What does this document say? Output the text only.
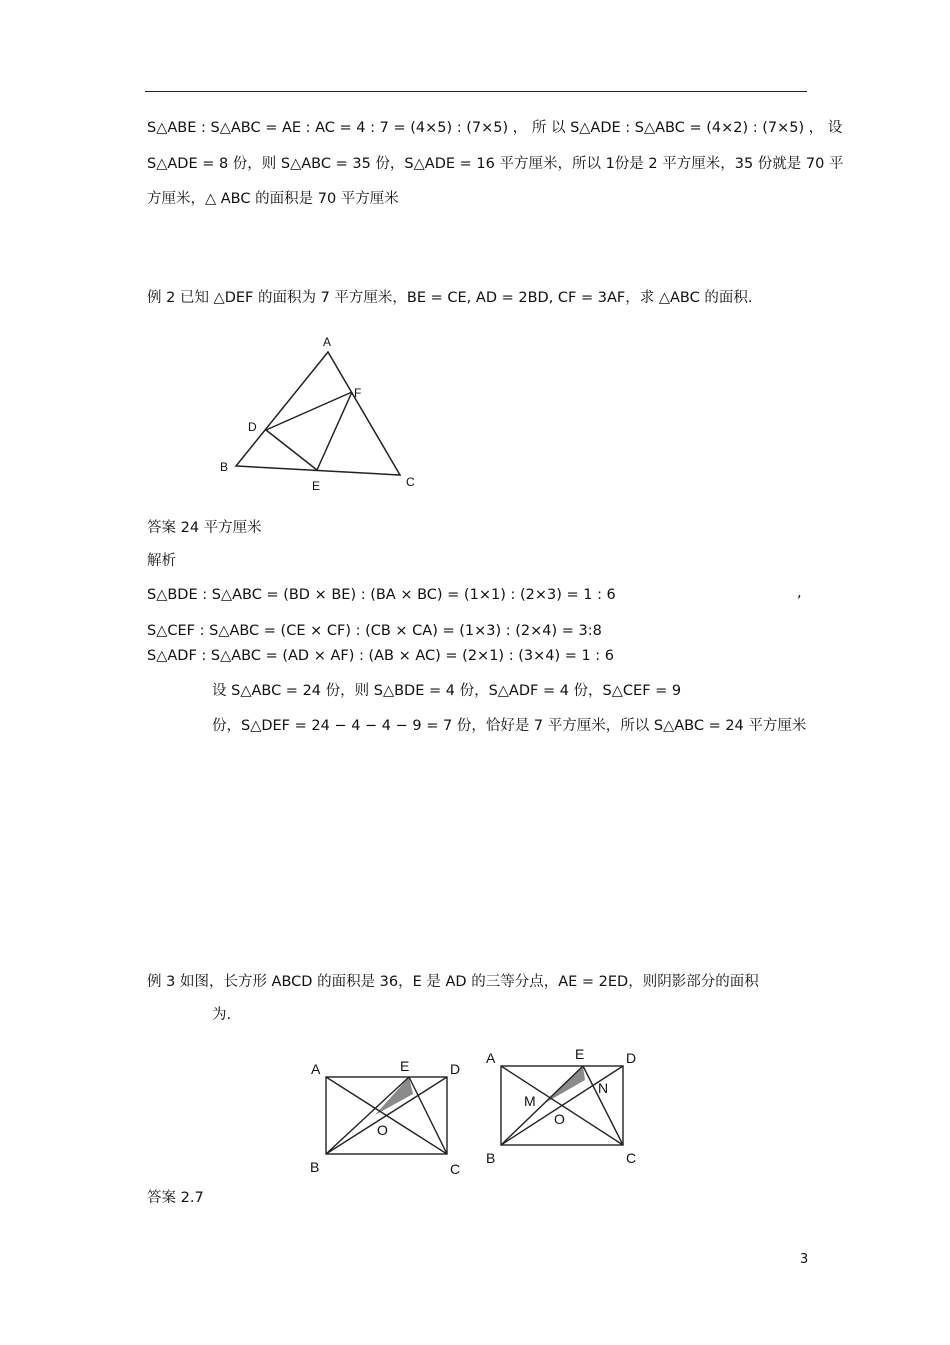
S△ABE : S△ABC = AE : AC = 4 : 7 = (4×5) : (7×5) ， 所 以 S△ADE : S△ABC = (4×2) : (7×5) ， 设
S△ADE = 8 份，则 S△ABC = 35 份，S△ADE = 16 平方厘米，所以 1份是 2 平方厘米，35 份就是 70 平
方厘米，△ ABC 的面积是 70 平方厘米
例 2 已知 △DEF 的面积为 7 平方厘米，BE = CE, AD = 2BD, CF = 3AF，求 △ABC 的面积.
A
F
D
B
E	C
答案 24 平方厘米
解析
S△BDE : S△ABC = (BD × BE) : (BA × BC) = (1×1) : (2×3) = 1 : 6	,
S△CEF : S△ABC = (CE × CF) : (CB × CA) = (1×3) : (2×4) = 3:8
S△ADF : S△ABC = (AD × AF) : (AB × AC) = (2×1) : (3×4) = 1 : 6
设 S△ABC = 24 份，则 S△BDE = 4 份，S△ADF = 4 份，S△CEF = 9
份，S△DEF = 24 − 4 − 4 − 9 = 7 份，恰好是 7 平方厘米，所以 S△ABC = 24 平方厘米
例 3 如图，长方形 ABCD 的面积是 36，E 是 AD 的三等分点，AE = 2ED，则阴影部分的面积
为.
A	E	D
O
B	C
A	E	D
N
M
O
B	C
答案 2.7
3
